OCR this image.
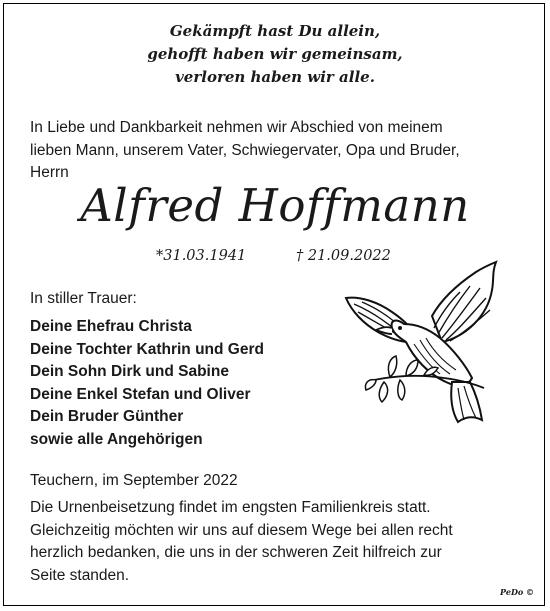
Gekämpft hast Du allein,
gehofft haben wir gemeinsam,
verloren haben wir alle.
In Liebe und Dankbarkeit nehmen wir Abschied von meinem
lieben Mann, unserem Vater, Schwiegervater, Opa und Bruder,
Herrn
Alfred Hoffmann
*31.03.1941	† 21.09.2022
In stiller Trauer:
Deine Ehefrau Christa
Deine Tochter Kathrin und Gerd
Dein Sohn Dirk und Sabine
Deine Enkel Stefan und Oliver
Dein Bruder Günther
sowie alle Angehörigen
Teuchern, im September 2022
Die Urnenbeisetzung findet im engsten Familienkreis statt.
Gleichzeitig möchten wir uns auf diesem Wege bei allen recht
herzlich bedanken, die uns in der schweren Zeit hilfreich zur
Seite standen.
PeDo ©
